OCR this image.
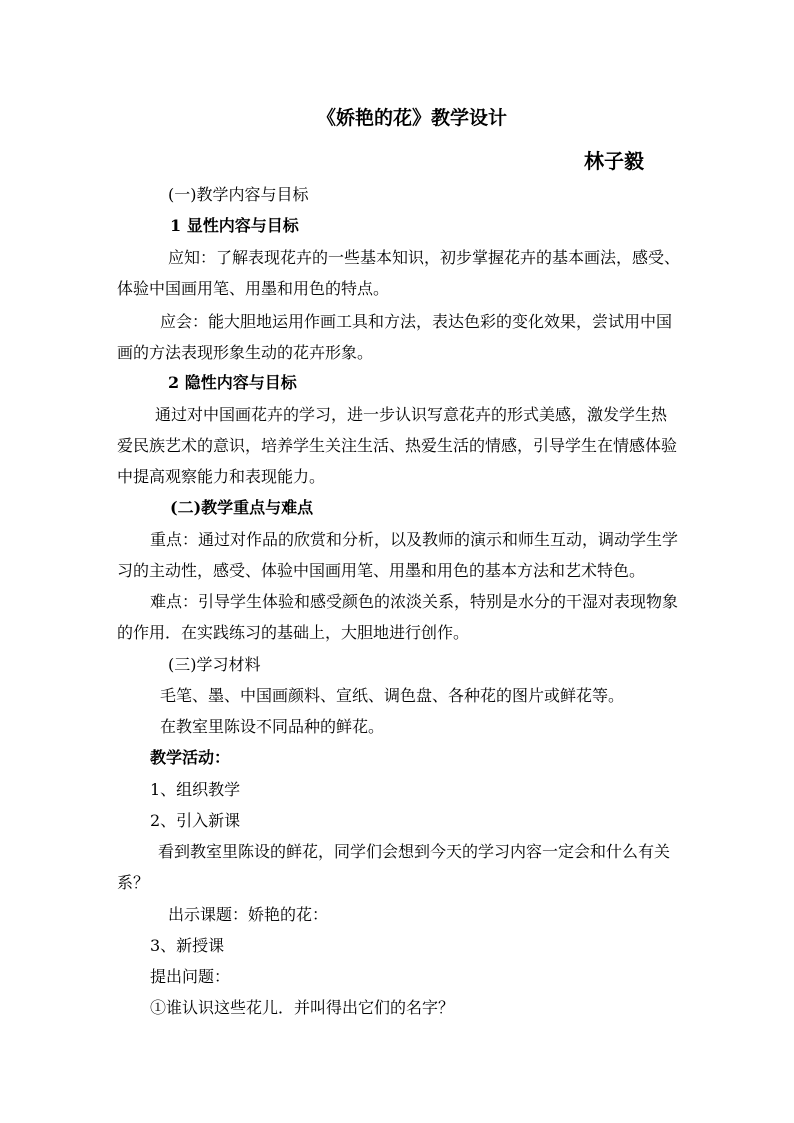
《娇艳的花》教学设计
林子毅
(一)教学内容与目标
1 显性内容与目标
应知：了解表现花卉的一些基本知识，初步掌握花卉的基本画法，感受、
体验中国画用笔、用墨和用色的特点。
应会：能大胆地运用作画工具和方法，表达色彩的变化效果，尝试用中国
画的方法表现形象生动的花卉形象。
2 隐性内容与目标
通过对中国画花卉的学习，进一步认识写意花卉的形式美感，激发学生热
爱民族艺术的意识，培养学生关注生活、热爱生活的情感，引导学生在情感体验
中提高观察能力和表现能力。
(二)教学重点与难点
重点：通过对作品的欣赏和分析，以及教师的演示和师生互动，调动学生学
习的主动性，感受、体验中国画用笔、用墨和用色的基本方法和艺术特色。
难点：引导学生体验和感受颜色的浓淡关系，特别是水分的干湿对表现物象
的作用．在实践练习的基础上，大胆地进行创作。
(三)学习材料
毛笔、墨、中国画颜料、宣纸、调色盘、各种花的图片或鲜花等。
在教室里陈设不同品种的鲜花。
教学活动：
1、组织教学
2、引入新课
看到教室里陈设的鲜花，同学们会想到今天的学习内容一定会和什么有关
系？
出示课题：娇艳的花：
3、新授课
提出问题：
①谁认识这些花儿．并叫得出它们的名字？
